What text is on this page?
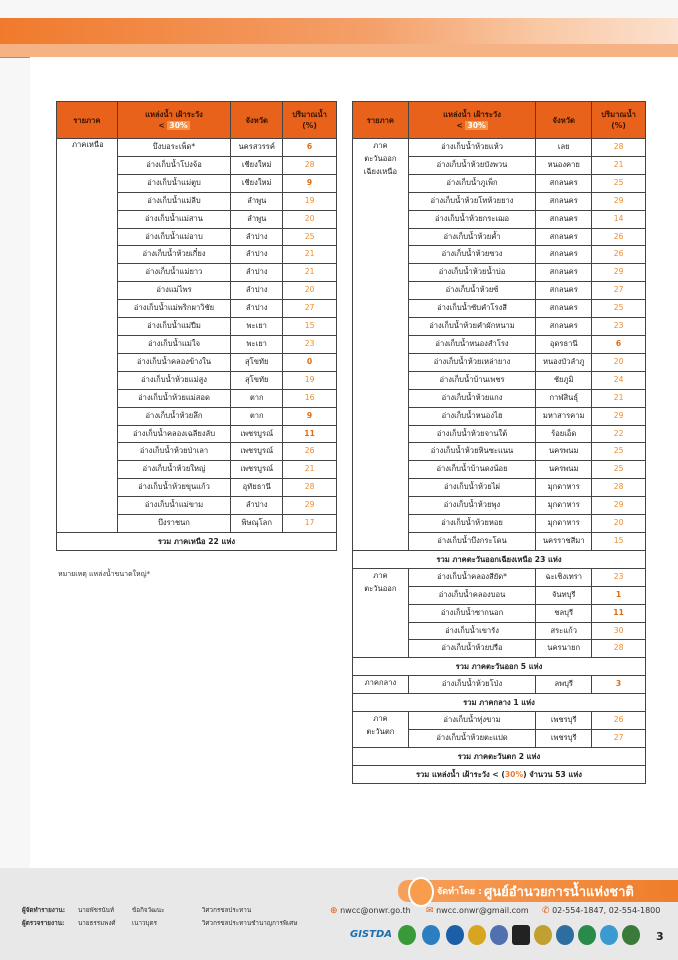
รายภาค	แหล่งน้ำ เฝ้าระวัง
< 30%	จังหวัด	ปริมาณน้ำ
(%)
ภาคเหนือ	บึงบอระเพ็ด*	นครสวรรค์	6
	อ่างเก็บน้ำโปงจ้อ	เชียงใหม่	28
	อ่างเก็บน้ำแม่ตูบ	เชียงใหม่	9
	อ่างเก็บน้ำแม่ลีบ	ลำพูน	19
	อ่างเก็บน้ำแม่สาน	ลำพูน	20
	อ่างเก็บน้ำแม่อาบ	ลำปาง	25
	อ่างเก็บน้ำห้วยเกี๋ยง	ลำปาง	21
	อ่างเก็บน้ำแม่ยาว	ลำปาง	21
	อ่างแม่ไพร	ลำปาง	20
	อ่างเก็บน้ำแม่พริกผาวิชัย	ลำปาง	27
	อ่างเก็บน้ำแม่ปืม	พะเยา	15
	อ่างเก็บน้ำแม่ใจ	พะเยา	23
	อ่างเก็บน้ำคลองข้างใน	สุโขทัย	0
	อ่างเก็บน้ำห้วยแม่สูง	สุโขทัย	19
	อ่างเก็บน้ำห้วยแม่สอด	ตาก	16
	อ่างเก็บน้ำห้วยลึก	ตาก	9
	อ่างเก็บน้ำคลองเฉลียงลับ	เพชรบูรณ์	11
	อ่างเก็บน้ำห้วยป่าเลา	เพชรบูรณ์	26
	อ่างเก็บน้ำห้วยใหญ่	เพชรบูรณ์	21
	อ่างเก็บน้ำห้วยขุนแก้ว	อุทัยธานี	28
	อ่างเก็บน้ำแม่ขาม	ลำปาง	29
	บึงราชนก	พิษณุโลก	17
รวม ภาคเหนือ 22 แห่ง			
หมายเหตุ แหล่งน้ำขนาดใหญ่*
รายภาค	แหล่งน้ำ เฝ้าระวัง
< 30%	จังหวัด	ปริมาณน้ำ
(%)
ภาค
ตะวันออก
เฉียงเหนือ	อ่างเก็บน้ำห้วยแห้ว	เลย	28
	อ่างเก็บน้ำห้วยบังพวน	หนองคาย	21
	อ่างเก็บน้ำภูเพ็ก	สกลนคร	25
	อ่างเก็บน้ำห้วยโทห้วยยาง	สกลนคร	29
	อ่างเก็บน้ำห้วยกระเฌอ	สกลนคร	14
	อ่างเก็บน้ำห้วยค้ำ	สกลนคร	26
	อ่างเก็บน้ำห้วยซวง	สกลนคร	26
	อ่างเก็บน้ำห้วยน้ำบ่อ	สกลนคร	29
	อ่างเก็บน้ำห้วยซ้	สกลนคร	27
	อ่างเก็บน้ำซับคำโรงสี	สกลนคร	25
	อ่างเก็บน้ำห้วยคำผักหนาม	สกลนคร	23
	อ่างเก็บน้ำหนองสำโรง	อุดรธานี	6
	อ่างเก็บน้ำห้วยเหล่ายาง	หนองบัวลำภู	20
	อ่างเก็บน้ำบ้านเพชร	ชัยภูมิ	24
	อ่างเก็บน้ำห้วยแกง	กาฬสินธุ์	21
	อ่างเก็บน้ำหนองไฮ	มหาสารคาม	29
	อ่างเก็บน้ำห้วยจานใต้	ร้อยเอ็ด	22
	อ่างเก็บน้ำห้วยหินซะแนน	นครพนม	25
	อ่างเก็บน้ำบ้านดงน้อย	นครพนม	25
	อ่างเก็บน้ำห้วยไผ่	มุกดาหาร	28
	อ่างเก็บน้ำห้วยพุง	มุกดาหาร	29
	อ่างเก็บน้ำห้วยหอย	มุกดาหาร	20
	อ่างเก็บน้ำบึงกระโดน	นครราชสีมา	15
รวม ภาคตะวันออกเฉียงเหนือ 23 แห่ง			
ภาค
ตะวันออก	อ่างเก็บน้ำคลองสียัด*	ฉะเชิงเทรา	23
	อ่างเก็บน้ำคลองบอน	จันทบุรี	1
	อ่างเก็บน้ำซากนอก	ชลบุรี	11
	อ่างเก็บน้ำเขารัง	สระแก้ว	30
	อ่างเก็บน้ำห้วยปรือ	นครนายก	28
รวม ภาคตะวันออก 5 แห่ง			
ภาคกลาง	อ่างเก็บน้ำห้วยโป่ง	ลพบุรี	3
รวม ภาคกลาง 1 แห่ง			
ภาค
ตะวันตก	อ่างเก็บน้ำทุ่งขาม	เพชรบุรี	26
	อ่างเก็บน้ำห้วยตะแปด	เพชรบุรี	27
รวม ภาคตะวันตก 2 แห่ง			
รวม แหล่งน้ำ เฝ้าระวัง < (30%) จำนวน 53 แห่ง			
จัดทำโดย : ศูนย์อำนวยการน้ำแห่งชาติ
⊕ nwcc@onwr.go.th ✉ nwcc.onwr@gmail.com ✆ 02-554-1847, 02-554-1800
ผู้จัดทำรายงาน:
ผู้ตรวจรายงาน:
นายพัชรนันท์	ข้อกิจวัฒนะ	วิศวกรชลประทาน
นายธรรมพงศ์	เนาวบุตร	วิศวกรชลประทานชำนาญการพิเศษ
GISTDA	3
